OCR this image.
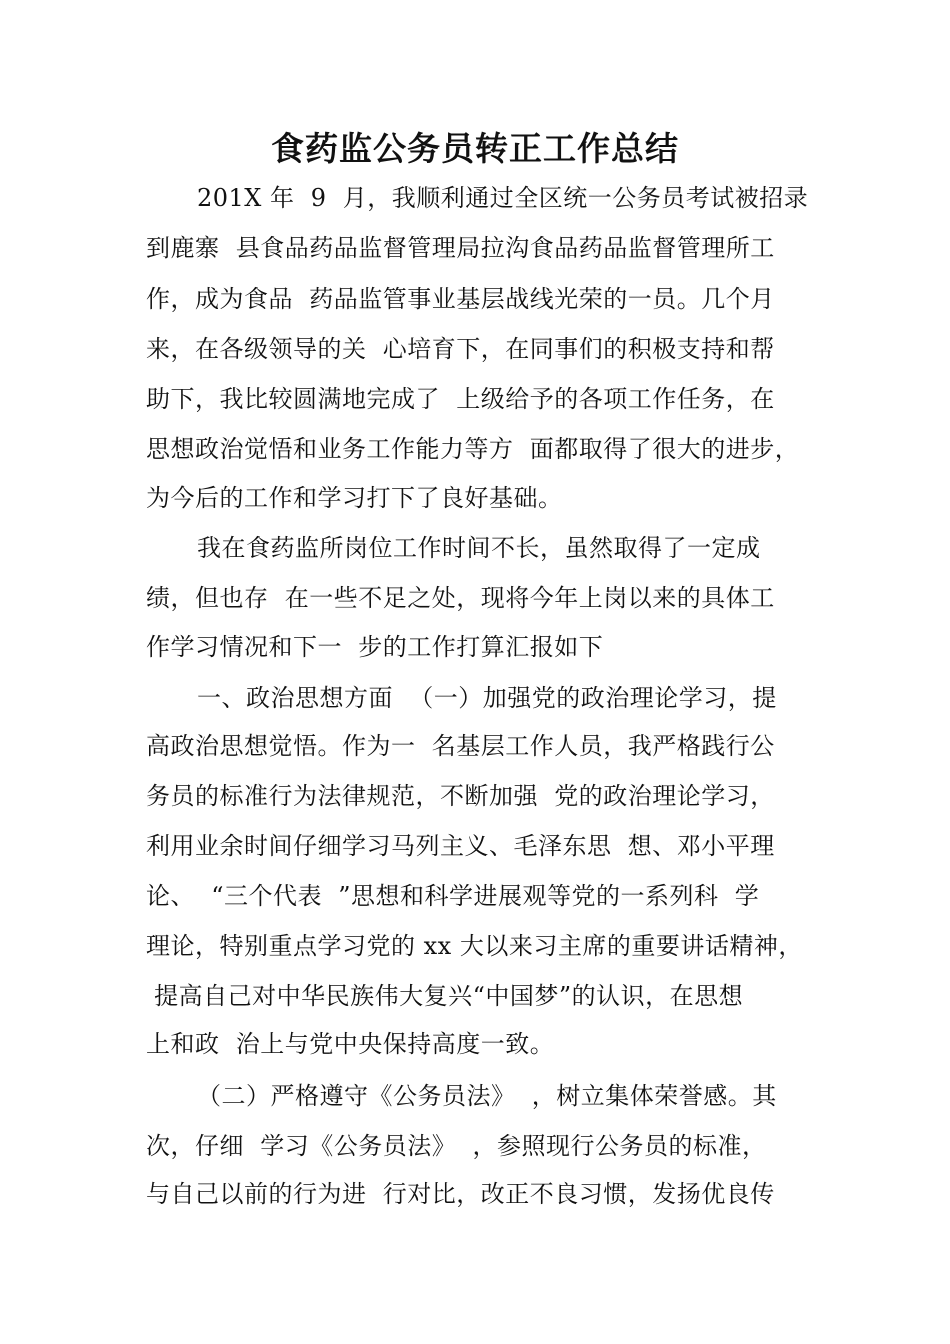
食药监公务员转正工作总结
201X 年  9  月，我顺利通过全区统一公务员考试被招录
到鹿寨  县食品药品监督管理局拉沟食品药品监督管理所工
作，成为食品  药品监管事业基层战线光荣的一员。几个月
来，在各级领导的关  心培育下，在同事们的积极支持和帮
助下，我比较圆满地完成了  上级给予的各项工作任务，在
思想政治觉悟和业务工作能力等方  面都取得了很大的进步，
为今后的工作和学习打下了良好基础。
我在食药监所岗位工作时间不长，虽然取得了一定成
绩，但也存  在一些不足之处，现将今年上岗以来的具体工
作学习情况和下一  步的工作打算汇报如下
一、政治思想方面  （一）加强党的政治理论学习，提
高政治思想觉悟。作为一  名基层工作人员，我严格践行公
务员的标准行为法律规范，不断加强  党的政治理论学习，
利用业余时间仔细学习马列主义、毛泽东思  想、邓小平理
论、  “三个代表  ”思想和科学进展观等党的一系列科  学
理论，特别重点学习党的 xx 大以来习主席的重要讲话精神，
提高自己对中华民族伟大复兴“中国梦”的认识，在思想
上和政  治上与党中央保持高度一致。
（二）严格遵守《公务员法》  ，树立集体荣誉感。其
次，仔细  学习《公务员法》  ，参照现行公务员的标准，
与自己以前的行为进  行对比，改正不良习惯，发扬优良传
